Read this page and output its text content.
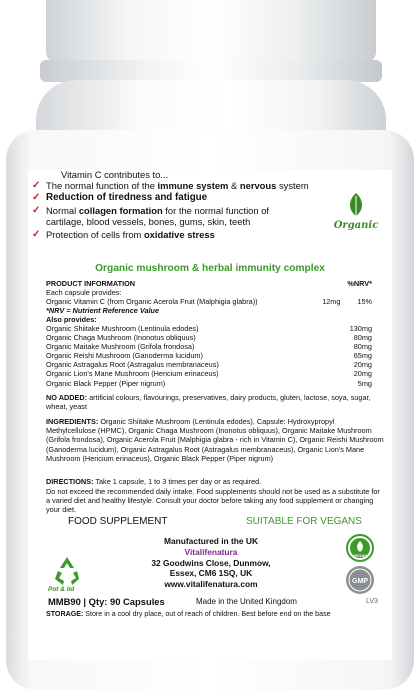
Vitamin C contributes to...
✓ The normal function of the immune system & nervous system
✓ Reduction of tiredness and fatigue
✓ Normal collagen formation for the normal function of
cartilage, blood vessels, bones, gums, skin, teeth
✓ Protection of cells from oxidative stress
Organic
Organic mushroom & herbal immunity complex
PRODUCT INFORMATION		%NRV*
Each capsule provides:		
Organic Vitamin C (from Organic Acerola Fruit (Malphigia glabra))	12mg	15%
*NRV = Nutrient Reference Value		
Also provides:		
Organic Shiitake Mushroom (Lentinula edodes)		130mg
Organic Chaga Mushroom (Inonotus obliquus)		80mg
Organic Maitake Mushroom (Grifola frondosa)		80mg
Organic Reishi Mushroom (Ganoderma lucidum)		65mg
Organic Astragalus Root (Astragalus membranaceus)		20mg
Organic Lion's Mane Mushroom (Hericium erinaceus)		20mg
Organic Black Pepper (Piper nigrum)		5mg
NO ADDED: artificial colours, flavourings, preservatives, dairy products, gluten, lactose, soya, sugar, wheat, yeast
INGREDIENTS: Organic Shiitake Mushroom (Lentinula edodes), Capsule: Hydroxypropyl Methylcellulose (HPMC), Organic Chaga Mushroom (Inonotus obliquus), Organic Maitake Mushroom (Grifola frondosa), Organic Acerola Fruit (Malphigia glabra - rich in Vitamin C), Organic Reishi Mushroom (Ganoderma lucidum), Organic Astragalus Root (Astragalus membranaceus), Organic Lion's Mane Mushroom (Hericium erinaceus), Organic Black Pepper (Piper nigrum)
DIRECTIONS: Take 1 capsule, 1 to 3 times per day or as required.
Do not exceed the recommended daily intake. Food supplements should not be used as a substitute for a varied diet and healthy lifestyle. Consult your doctor before taking any food supplement or changing your diet.
FOOD SUPPLEMENT	SUITABLE FOR VEGANS
Manufactured in the UK
Vitalifenatura
32 Goodwins Close, Dunmow,
Essex, CM6 1SQ, UK
www.vitalifenatura.com
Pot & lid
VEGAN
GMP
MMB90 | Qty: 90 Capsules	Made in the United Kingdom	LV3
STORAGE: Store in a cool dry place, out of reach of children. Best before end on the base
